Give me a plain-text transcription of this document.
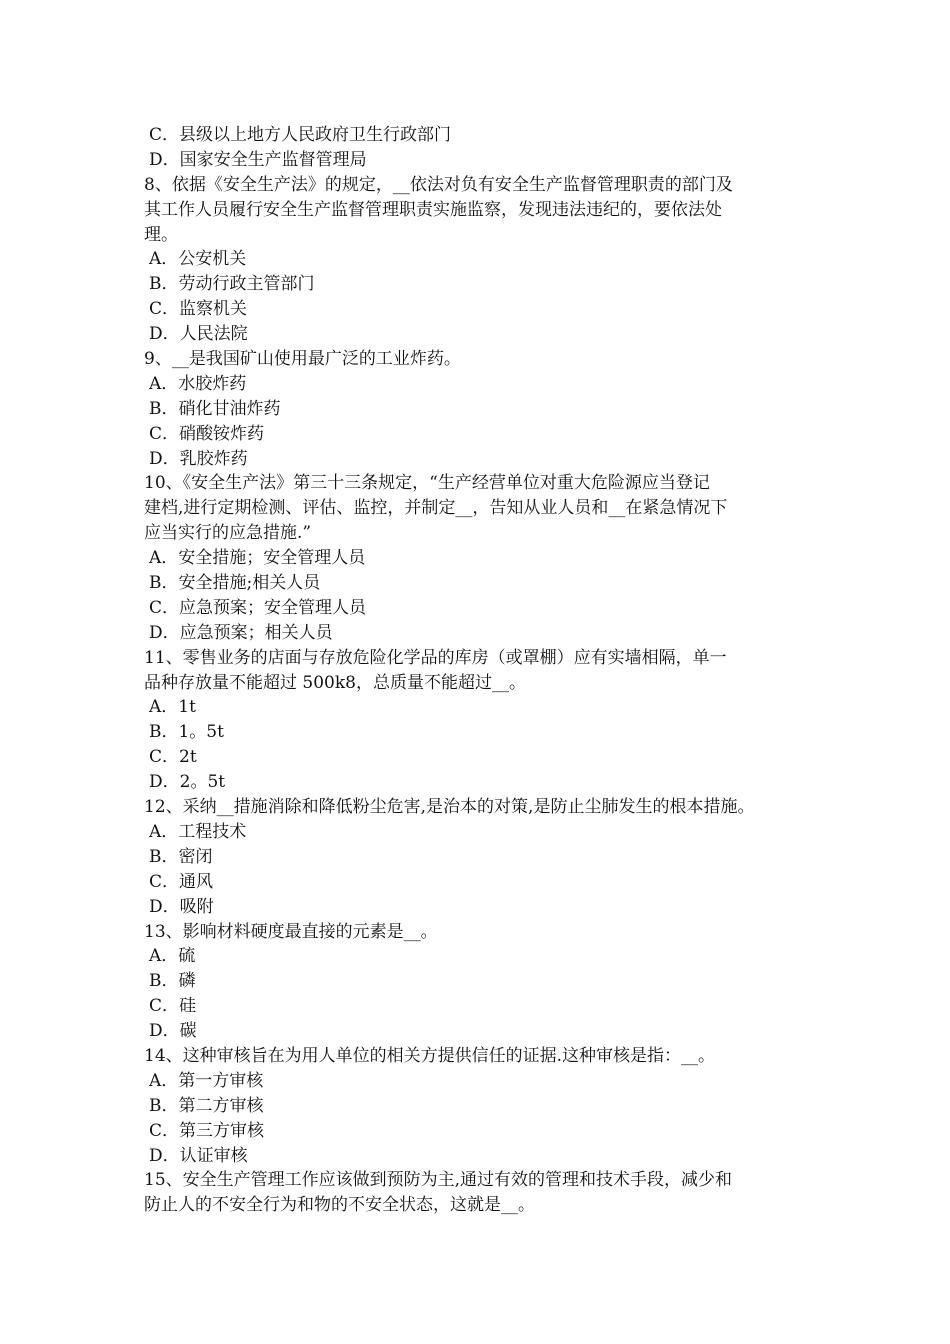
C．县级以上地方人民政府卫生行政部门
D．国家安全生产监督管理局
8、依据《安全生产法》的规定，__依法对负有安全生产监督管理职责的部门及
其工作人员履行安全生产监督管理职责实施监察，发现违法违纪的，要依法处
理。
A．公安机关
B．劳动行政主管部门
C．监察机关
D．人民法院
9、__是我国矿山使用最广泛的工业炸药。
A．水胶炸药
B．硝化甘油炸药
C．硝酸铵炸药
D．乳胶炸药
10、《安全生产法》第三十三条规定，“生产经营单位对重大危险源应当登记
建档,进行定期检测、评估、监控，并制定__，告知从业人员和__在紧急情况下
应当实行的应急措施.”
A．安全措施；安全管理人员
B．安全措施;相关人员
C．应急预案；安全管理人员
D．应急预案；相关人员
11、零售业务的店面与存放危险化学品的库房（或罩棚）应有实墙相隔，单一
品种存放量不能超过 500k8，总质量不能超过__。
A．1t
B．1。5t
C．2t
D．2。5t
12、采纳__措施消除和降低粉尘危害,是治本的对策,是防止尘肺发生的根本措施。
A．工程技术
B．密闭
C．通风
D．吸附
13、影响材料硬度最直接的元素是__。
A．硫
B．磷
C．硅
D．碳
14、这种审核旨在为用人单位的相关方提供信任的证据.这种审核是指：__。
A．第一方审核
B．第二方审核
C．第三方审核
D．认证审核
15、安全生产管理工作应该做到预防为主,通过有效的管理和技术手段，减少和
防止人的不安全行为和物的不安全状态，这就是__。
